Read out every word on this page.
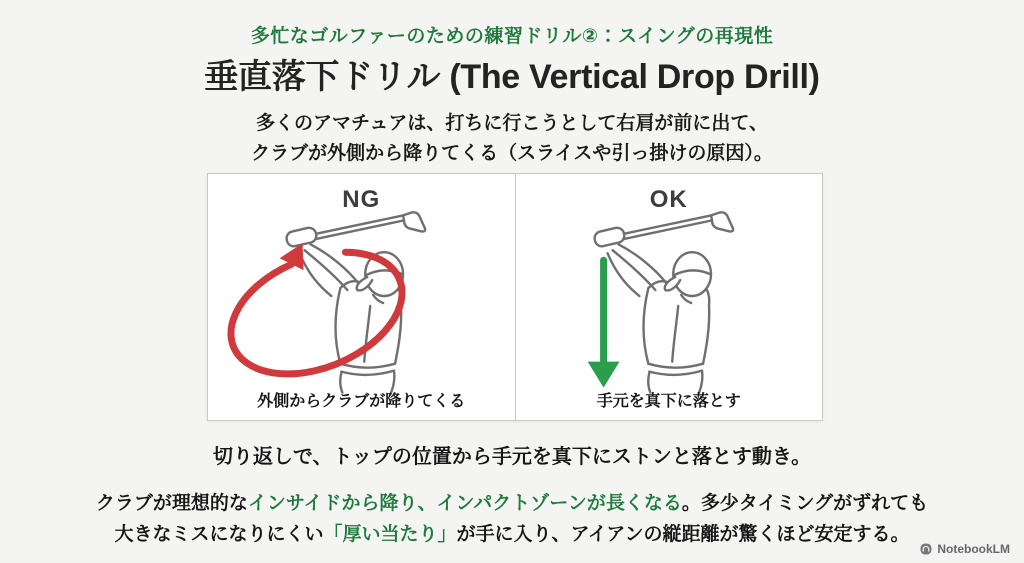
多忙なゴルファーのための練習ドリル②：スイングの再現性
垂直落下ドリル (The Vertical Drop Drill)
多くのアマチュアは、打ちに行こうとして右肩が前に出て、
クラブが外側から降りてくる（スライスや引っ掛けの原因）。
NG
外側からクラブが降りてくる
OK
手元を真下に落とす
切り返しで、トップの位置から手元を真下にストンと落とす動き。
クラブが理想的なインサイドから降り、インパクトゾーンが長くなる。多少タイミングがずれても
大きなミスになりにくい「厚い当たり」が手に入り、アイアンの縦距離が驚くほど安定する。
NotebookLM
